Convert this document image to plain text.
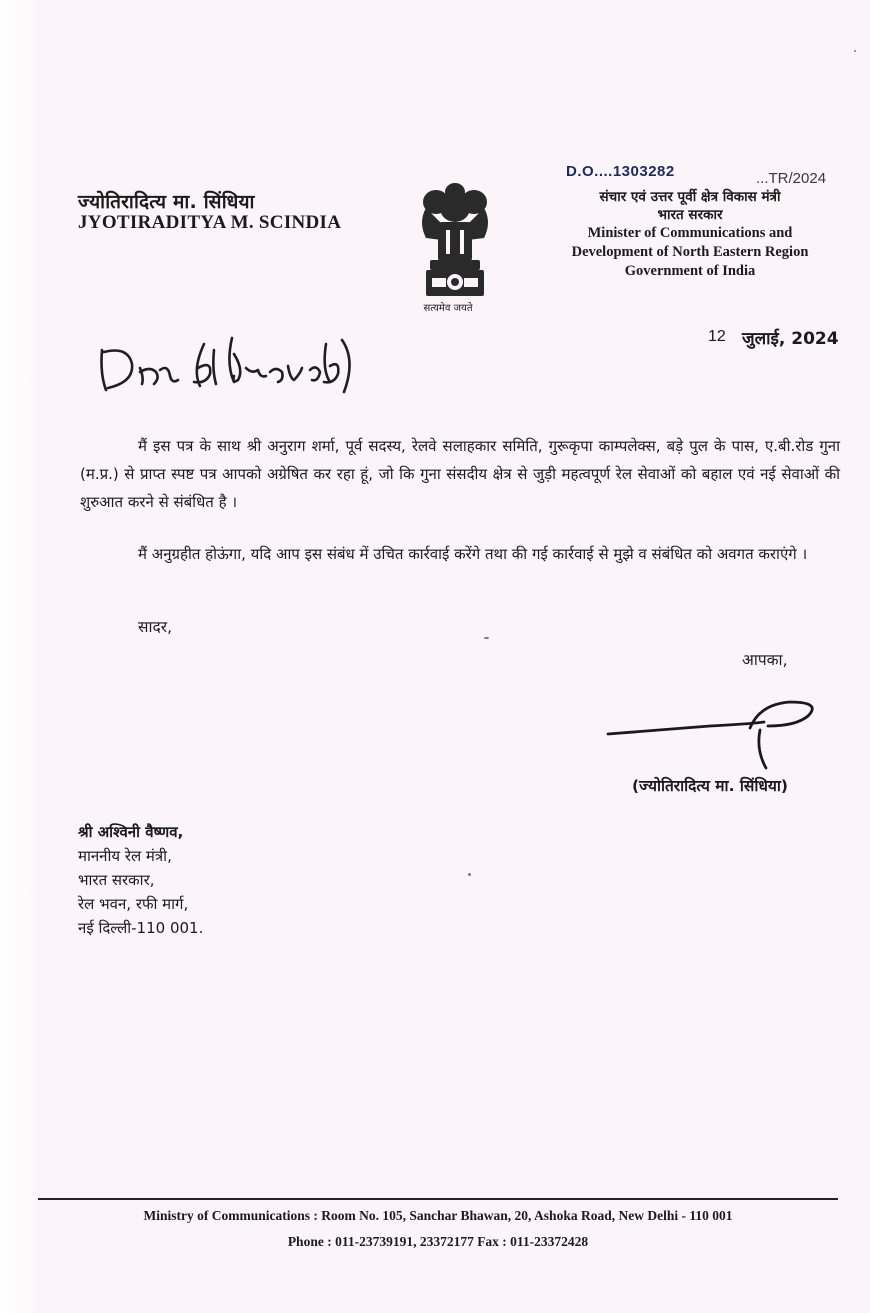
ज्योतिरादित्य मा. सिंधिया
JYOTIRADITYA M. SCINDIA
सत्यमेव जयते
D.O....1303282	...TR/2024
संचार एवं उत्तर पूर्वी क्षेत्र विकास मंत्री
भारत सरकार
Minister of Communications and
Development of North Eastern Region
Government of India
12 जुलाई, 2024

मैं इस पत्र के साथ श्री अनुराग शर्मा, पूर्व सदस्य, रेलवे सलाहकार समिति, गुरूकृपा काम्पलेक्स, बड़े पुल के पास, ए.बी.रोड गुना (म.प्र.) से प्राप्त स्पष्ट पत्र आपको अग्रेषित कर रहा हूं, जो कि गुना संसदीय क्षेत्र से जुड़ी महत्वपूर्ण रेल सेवाओं को बहाल एवं नई सेवाओं की शुरुआत करने से संबंधित है ।

मैं अनुग्रहीत होऊंगा, यदि आप इस संबंध में उचित कार्रवाई करेंगे तथा की गई कार्रवाई से मुझे व संबंधित को अवगत कराएंगे ।

सादर,
आपका,
(ज्योतिरादित्य मा. सिंधिया)
श्री अश्विनी वैष्णव,
माननीय रेल मंत्री,
भारत सरकार,
रेल भवन, रफी मार्ग,
नई दिल्ली-110 001.
Ministry of Communications : Room No. 105, Sanchar Bhawan, 20, Ashoka Road, New Delhi - 110 001
Phone : 011-23739191, 23372177 Fax : 011-23372428
